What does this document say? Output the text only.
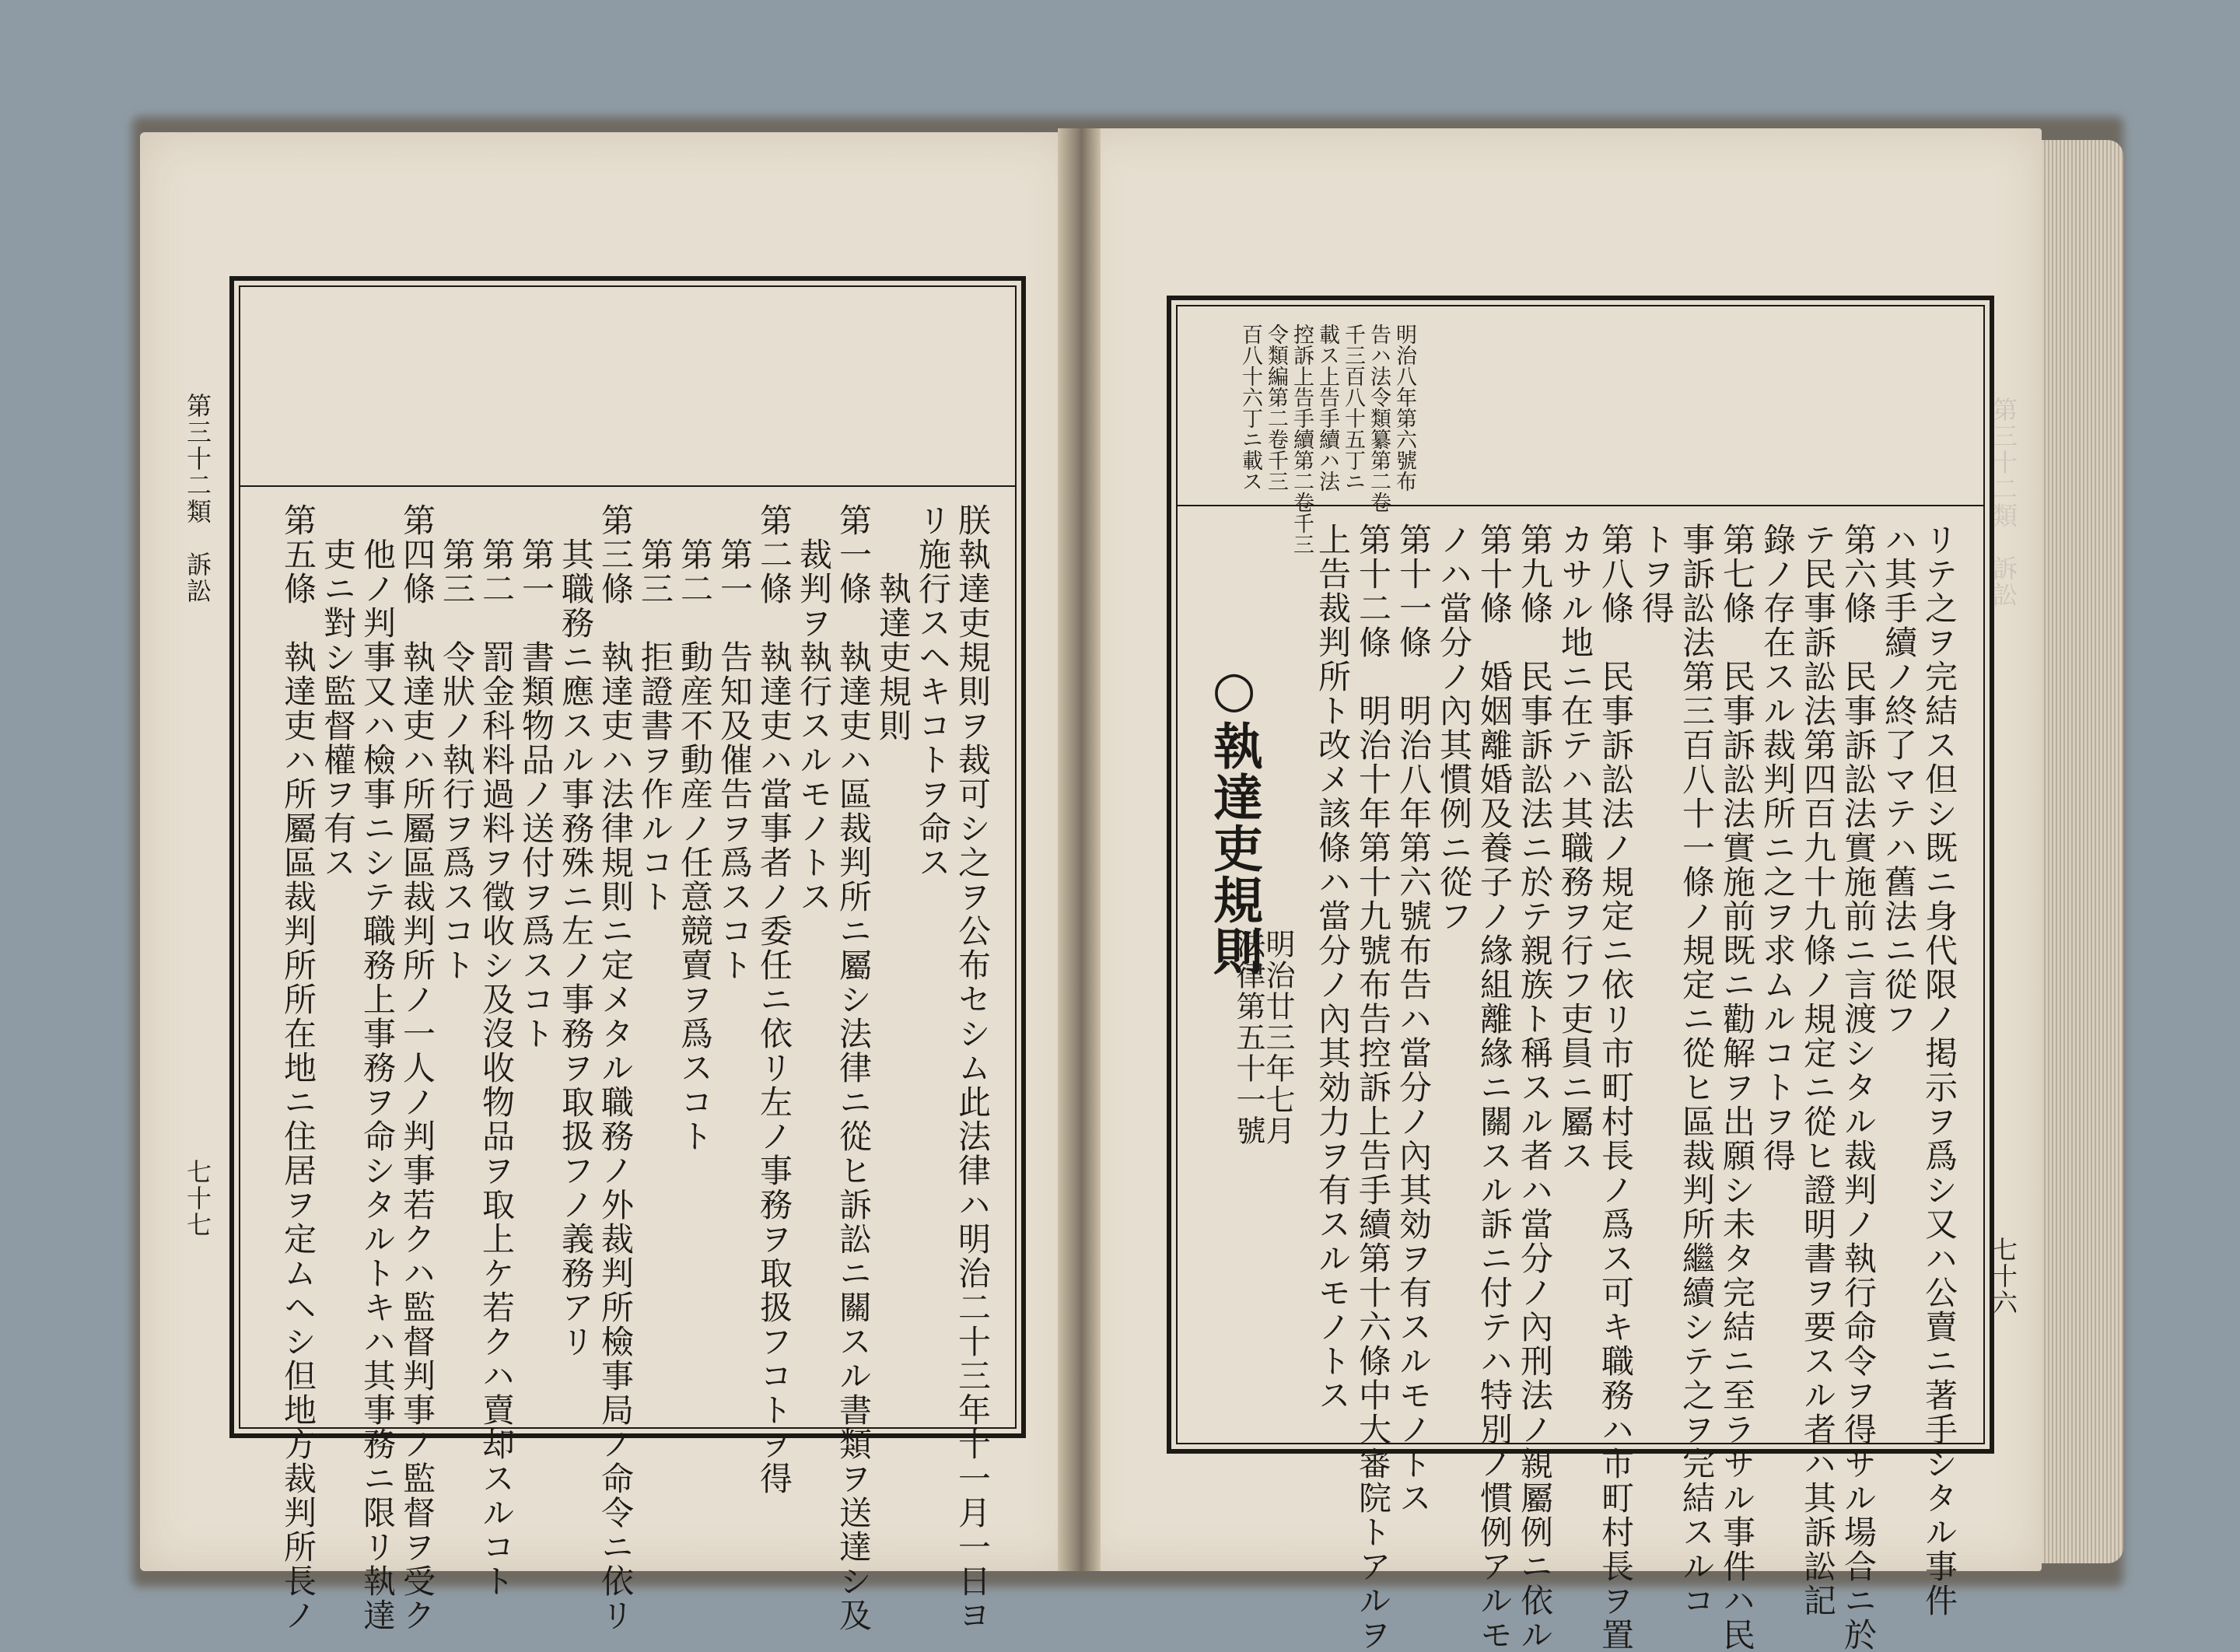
第三十二類　訴訟
七十七
七十六
第三十二類　訴訟
朕執達吏規則ヲ裁可シ之ヲ公布セシム此法律ハ明治二十三年十一月一日ヨ
リ施行スヘキコトヲ命ス
　　執達吏規則
第一條　執達吏ハ區裁判所ニ屬シ法律ニ從ヒ訴訟ニ關スル書類ヲ送達シ及
　裁判ヲ執行スルモノトス
第二條　執達吏ハ當事者ノ委任ニ依リ左ノ事務ヲ取扱フコトヲ得
　第一　告知及催告ヲ爲スコト
　第二　動産不動産ノ任意競賣ヲ爲スコト
　第三　拒證書ヲ作ルコト
第三條　執達吏ハ法律規則ニ定メタル職務ノ外裁判所檢事局ノ命令ニ依リ
　其職務ニ應スル事務殊ニ左ノ事務ヲ取扱フノ義務アリ
　第一　書類物品ノ送付ヲ爲スコト
　第二　罰金科料過料ヲ徵收シ及沒收物品ヲ取上ケ若クハ賣却スルコト
　第三　令狀ノ執行ヲ爲スコト
第四條　執達吏ハ所屬區裁判所ノ一人ノ判事若クハ監督判事ノ監督ヲ受ク
　他ノ判事又ハ檢事ニシテ職務上事務ヲ命シタルトキハ其事務ニ限リ執達
　吏ニ對シ監督權ヲ有ス
第五條　執達吏ハ所屬區裁判所所在地ニ住居ヲ定ムヘシ但地方裁判所長ノ
明治八年第六號布
告ハ法令類纂第二卷
千三百八十五丁ニ
載ス上告手續ハ法
控訴上告手續第二卷千三
令類編第二卷千三
百八十六丁ニ載ス
リテ之ヲ完結ス但シ既ニ身代限ノ掲示ヲ爲シ又ハ公賣ニ著手シタル事件
ハ其手續ノ終了マテハ舊法ニ從フ
第六條　民事訴訟法實施前ニ言渡シタル裁判ノ執行命令ヲ得サル場合ニ於
テ民事訴訟法第四百九十九條ノ規定ニ從ヒ證明書ヲ要スル者ハ其訴訟記
錄ノ存在スル裁判所ニ之ヲ求ムルコトヲ得
第七條　民事訴訟法實施前既ニ勸解ヲ出願シ未タ完結ニ至ラサル事件ハ民
事訴訟法第三百八十一條ノ規定ニ從ヒ區裁判所繼續シテ之ヲ完結スルコ
トヲ得
第八條　民事訴訟法ノ規定ニ依リ市町村長ノ爲ス可キ職務ハ市町村長ヲ置
カサル地ニ在テハ其職務ヲ行フ吏員ニ屬ス
第九條　民事訴訟法ニ於テ親族ト稱スル者ハ當分ノ內刑法ノ親屬例ニ依ル
第十條　婚姻離婚及養子ノ緣組離緣ニ關スル訴ニ付テハ特別ノ慣例アルモ
ノハ當分ノ內其慣例ニ從フ
第十一條　明治八年第六號布告ハ當分ノ內其効ヲ有スルモノトス
第十二條　明治十年第十九號布告控訴上告手續第十六條中大審院トアルヲ
上告裁判所ト改メ該條ハ當分ノ內其効力ヲ有スルモノトス
○執達吏規則
明治廿三年七月
法律第五十一號
